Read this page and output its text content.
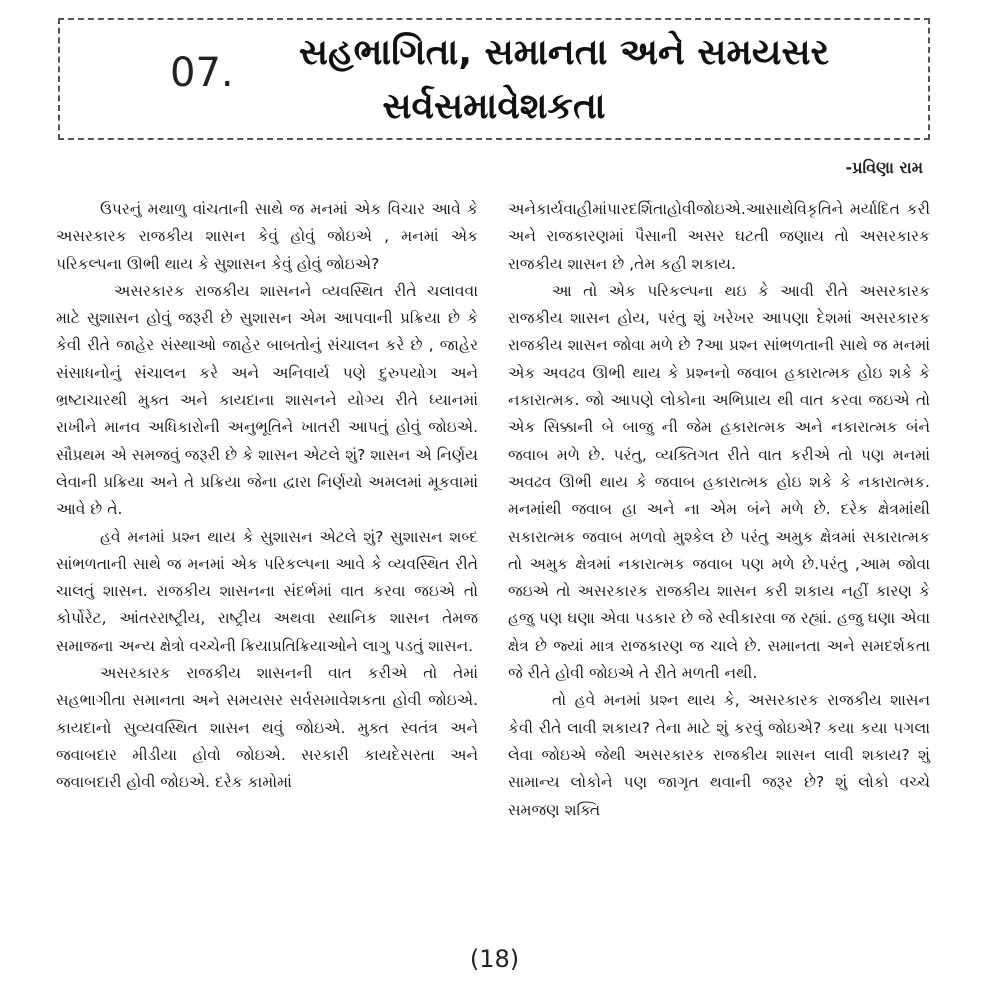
07.	સહભાગિતા, સમાનતા અને સમયસર
સર્વસમાવેશકતા
-પ્રવિણા રામ

ઉપરનું મથાળુ વાંચતાની સાથે જ મનમાં એક વિચાર આવે કે અસરકારક રાજકીય શાસન કેવું હોવું જોઇએ , મનમાં એક પરિકલ્પના ઊભી થાય કે સુશાસન કેવું હોવું જોઇએ?

અસરકારક રાજકીય શાસનને વ્યવસ્થિત રીતે ચલાવવા માટે સુશાસન હોવું જરૂરી છે સુશાસન એમ આપવાની પ્રક્રિયા છે કે કેવી રીતે જાહેર સંસ્થાઓ જાહેર બાબતોનું સંચાલન કરે છે , જાહેર સંસાધનોનું સંચાલન કરે અને અનિવાર્ય પણે દુરુપયોગ અને ભ્રષ્ટાચારથી મુક્ત અને કાયદાના શાસનને યોગ્ય રીતે ધ્યાનમાં રાખીને માનવ અધિકારોની અનુભૂતિને ખાતરી આપતું હોવું જોઇએ. સૌપ્રથમ એ સમજવું જરૂરી છે કે શાસન એટલે શું? શાસન એ નિર્ણય લેવાની પ્રક્રિયા અને તે પ્રક્રિયા જેના દ્વારા નિર્ણયો અમલમાં મૂકવામાં આવે છે તે.

હવે મનમાં પ્રશ્ન થાય કે સુશાસન એટલે શું? સુશાસન શબ્દ સાંભળતાની સાથે જ મનમાં એક પરિકલ્પના આવે કે વ્યવસ્થિત રીતે ચાલતું શાસન. રાજકીય શાસનના સંદર્ભમાં વાત કરવા જઇએ તો કોર્પોરેટ, આંતરરાષ્ટ્રીય, રાષ્ટ્રીય અથવા સ્થાનિક શાસન તેમજ સમાજના અન્ય ક્ષેત્રો વચ્ચેની ક્રિયાપ્રતિક્રિયાઓને લાગુ પડતું શાસન.

અસરકારક રાજકીય શાસનની વાત કરીએ તો તેમાં સહભાગીતા સમાનતા અને સમયસર સર્વસમાવેશકતા હોવી જોઇએ. કાયદાનો સુવ્યવસ્થિત શાસન થવું જોઇએ. મુક્ત સ્વતંત્ર અને જવાબદાર મીડીયા હોવો જોઇએ. સરકારી કાયદેસરતા અને જવાબદારી હોવી જોઇએ. દરેક કામોમાં

અનેકાર્યવાહીમાંપારદર્શિતાહોવીજોઇએ.આસાથેવિકૃતિને મર્યાદિત કરી અને રાજકારણમાં પૈસાની અસર ઘટતી જણાય તો અસરકારક રાજકીય શાસન છે ,તેમ કહી શકાય.

આ તો એક પરિકલ્પના થઇ કે આવી રીતે અસરકારક રાજકીય શાસન હોય, પરંતુ શું ખરેખર આપણા દેશમાં અસરકારક રાજકીય શાસન જોવા મળે છે ?આ પ્રશ્ન સાંભળતાની સાથે જ મનમાં એક અવઢવ ઊભી થાય કે પ્રશ્નનો જવાબ હકારાત્મક હોઇ શકે કે નકારાત્મક. જો આપણે લોકોના અભિપ્રાય થી વાત કરવા જઇએ તો એક સિક્કાની બે બાજુ ની જેમ હકારાત્મક અને નકારાત્મક બંને જવાબ મળે છે. પરંતુ, વ્યક્તિગત રીતે વાત કરીએ તો પણ મનમાં અવઢવ ઊભી થાય કે જવાબ હકારાત્મક હોઇ શકે કે નકારાત્મક. મનમાંથી જવાબ હા અને ના એમ બંને મળે છે. દરેક ક્ષેત્રમાંથી સકારાત્મક જવાબ મળવો મુશ્કેલ છે પરંતુ અમુક ક્ષેત્રમાં સકારાત્મક તો અમુક ક્ષેત્રમાં નકારાત્મક જવાબ પણ મળે છે.પરંતુ ,આમ જોવા જઇએ તો અસરકારક રાજકીય શાસન કરી શકાય નહીં કારણ કે હજુ પણ ઘણા એવા પડકાર છે જે સ્વીકારવા જ રહ્યાં. હજુ ઘણા એવા ક્ષેત્ર છે જ્યાં માત્ર રાજકારણ જ ચાલે છે. સમાનતા અને સમદર્શકતા જે રીતે હોવી જોઇએ તે રીતે મળતી નથી.

તો હવે મનમાં પ્રશ્ન થાય કે, અસરકારક રાજકીય શાસન કેવી રીતે લાવી શકાય? તેના માટે શું કરવું જોઇએ? કયા કયા પગલા લેવા જોઇએ જેથી અસરકારક રાજકીય શાસન લાવી શકાય? શું સામાન્ય લોકોને પણ જાગૃત થવાની જરૂર છે? શું લોકો વચ્ચે સમજણ શક્તિ

(18)
